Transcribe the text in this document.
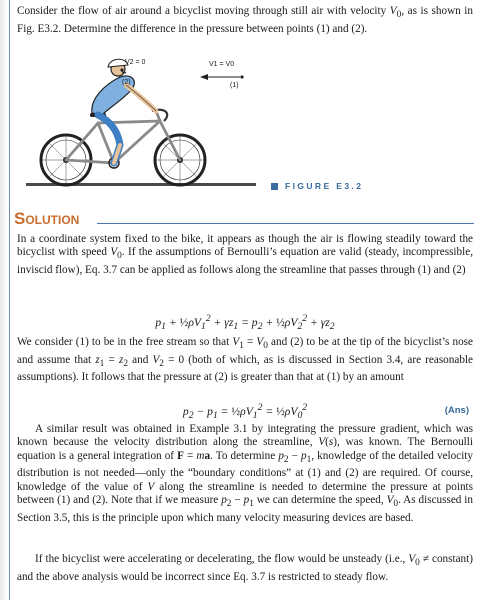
Consider the flow of air around a bicyclist moving through still air with velocity $V_0$, as is shown in Fig. E3.2. Determine the difference in the pressure between points (1) and (2).

V2 = 0
(2)
V1 = V0
(1)
FIGURE E3.2
SOLUTION

In a coordinate system fixed to the bike, it appears as though the air is flowing steadily toward the bicyclist with speed $V_0$. If the assumptions of Bernoulli’s equation are valid (steady, incompressible, inviscid flow), Eq. 3.7 can be applied as follows along the streamline that passes through (1) and (2)

$p_1$ + $\frac{1}{2}\rho V_1^2 + \gamma z_1 = p_2$ + $\frac{1}{2}\rho V_2^2 + \gamma z_2$

We consider (1) to be in the free stream so that $V_1 = V_0$ and (2) to be at the tip of the bicyclist’s nose and assume that $z_1 = z_2$ and $V_2 = 0$ (both of which, as is discussed in Section 3.4, are reasonable assumptions). It follows that the pressure at (2) is greater than that at (1) by an amount

$p_2 - p_1$ = $\frac{1}{2}\rho V_1^2$ = $\frac{1}{2}\rho V_0^2$	(Ans)

A similar result was obtained in Example 3.1 by integrating the pressure gradient, which was known because the velocity distribution along the streamline, V(s), was known. The Bernoulli equation is a general integration of F = ma. To determine $p_2 - p_1$, knowledge of the detailed velocity distribution is not needed—only the “boundary conditions” at (1) and (2) are required. Of course, knowledge of the value of V along the streamline is needed to determine the pressure at points between (1) and (2). Note that if we measure $p_2 - p_1$ we can determine the speed, $V_0$. As discussed in Section 3.5, this is the principle upon which many velocity measuring devices are based.

If the bicyclist were accelerating or decelerating, the flow would be unsteady (i.e., $V_0$ ≠ constant) and the above analysis would be incorrect since Eq. 3.7 is restricted to steady flow.
